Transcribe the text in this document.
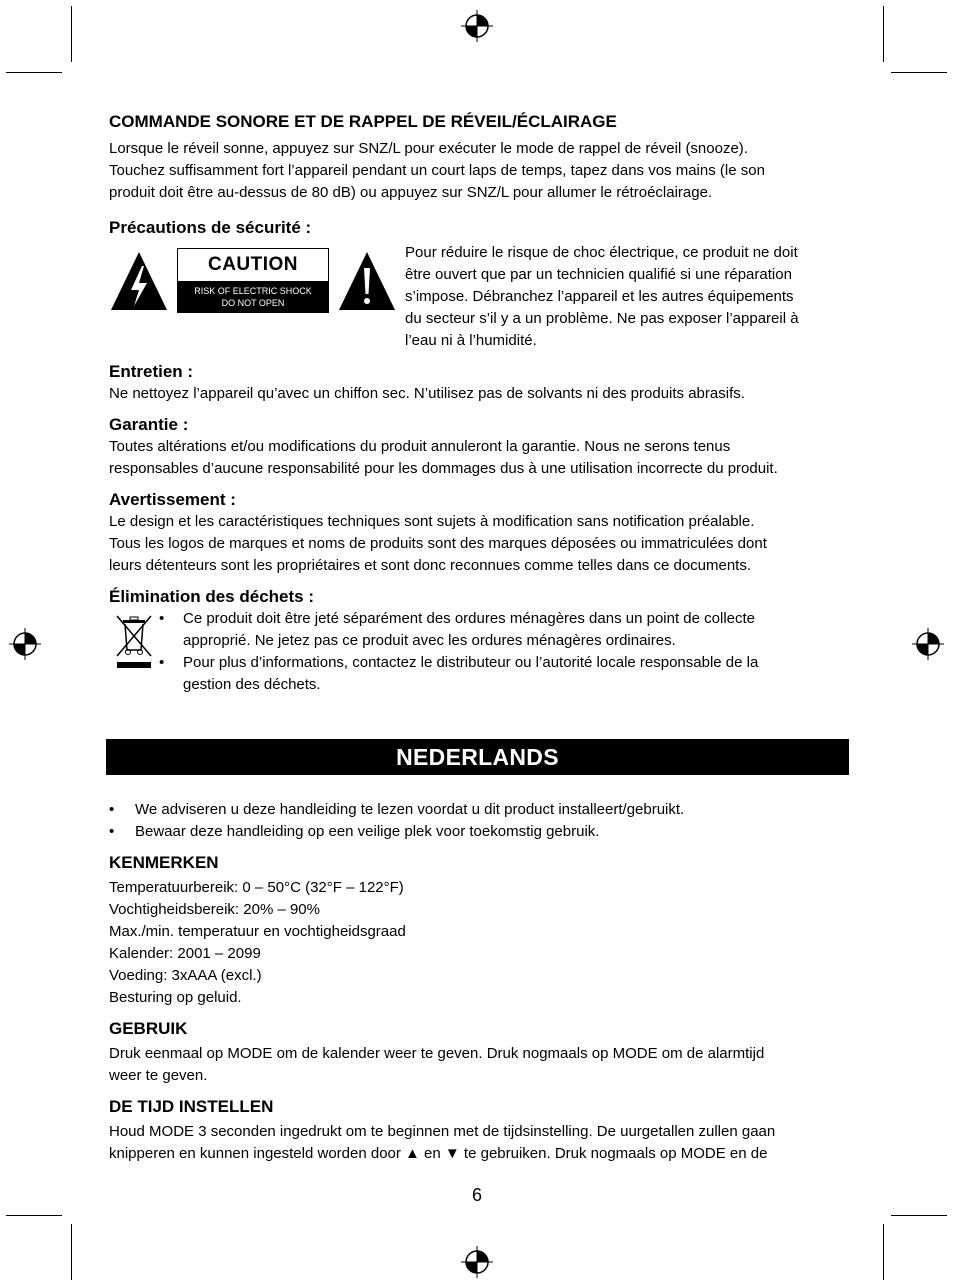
COMMANDE SONORE ET DE RAPPEL DE RÉVEIL/ÉCLAIRAGE

Lorsque le réveil sonne, appuyez sur SNZ/L pour exécuter le mode de rappel de réveil (snooze).

Touchez suffisamment fort l’appareil pendant un court laps de temps, tapez dans vos mains (le son

produit doit être au-dessus de 80 dB) ou appuyez sur SNZ/L pour allumer le rétroéclairage.

Précautions de sécurité :
CAUTION
RISK OF ELECTRIC SHOCK
DO NOT OPEN

Pour réduire le risque de choc électrique, ce produit ne doit

être ouvert que par un technicien qualifié si une réparation

s’impose. Débranchez l’appareil et les autres équipements

du secteur s’il y a un problème. Ne pas exposer l’appareil à

l’eau ni à l’humidité.

Entretien :

Ne nettoyez l’appareil qu’avec un chiffon sec. N’utilisez pas de solvants ni des produits abrasifs.

Garantie :

Toutes altérations et/ou modifications du produit annuleront la garantie. Nous ne serons tenus

responsables d’aucune responsabilité pour les dommages dus à une utilisation incorrecte du produit.

Avertissement :

Le design et les caractéristiques techniques sont sujets à modification sans notification préalable.

Tous les logos de marques et noms de produits sont des marques déposées ou immatriculées dont

leurs détenteurs sont les propriétaires et sont donc reconnues comme telles dans ce documents.

Élimination des déchets :
• Ce produit doit être jeté séparément des ordures ménagères dans un point de collecte
approprié. Ne jetez pas ce produit avec les ordures ménagères ordinaires.
• Pour plus d’informations, contactez le distributeur ou l’autorité locale responsable de la
gestion des déchets.
NEDERLANDS
• We adviseren u deze handleiding te lezen voordat u dit product installeert/gebruikt.
• Bewaar deze handleiding op een veilige plek voor toekomstig gebruik.
KENMERKEN

Temperatuurbereik: 0 – 50°C (32°F – 122°F)

Vochtigheidsbereik: 20% – 90%

Max./min. temperatuur en vochtigheidsgraad

Kalender: 2001 – 2099

Voeding: 3xAAA (excl.)

Besturing op geluid.

GEBRUIK

Druk eenmaal op MODE om de kalender weer te geven. Druk nogmaals op MODE om de alarmtijd

weer te geven.

DE TIJD INSTELLEN

Houd MODE 3 seconden ingedrukt om te beginnen met de tijdsinstelling. De uurgetallen zullen gaan

knipperen en kunnen ingesteld worden door ▲ en ▼ te gebruiken. Druk nogmaals op MODE en de

6
